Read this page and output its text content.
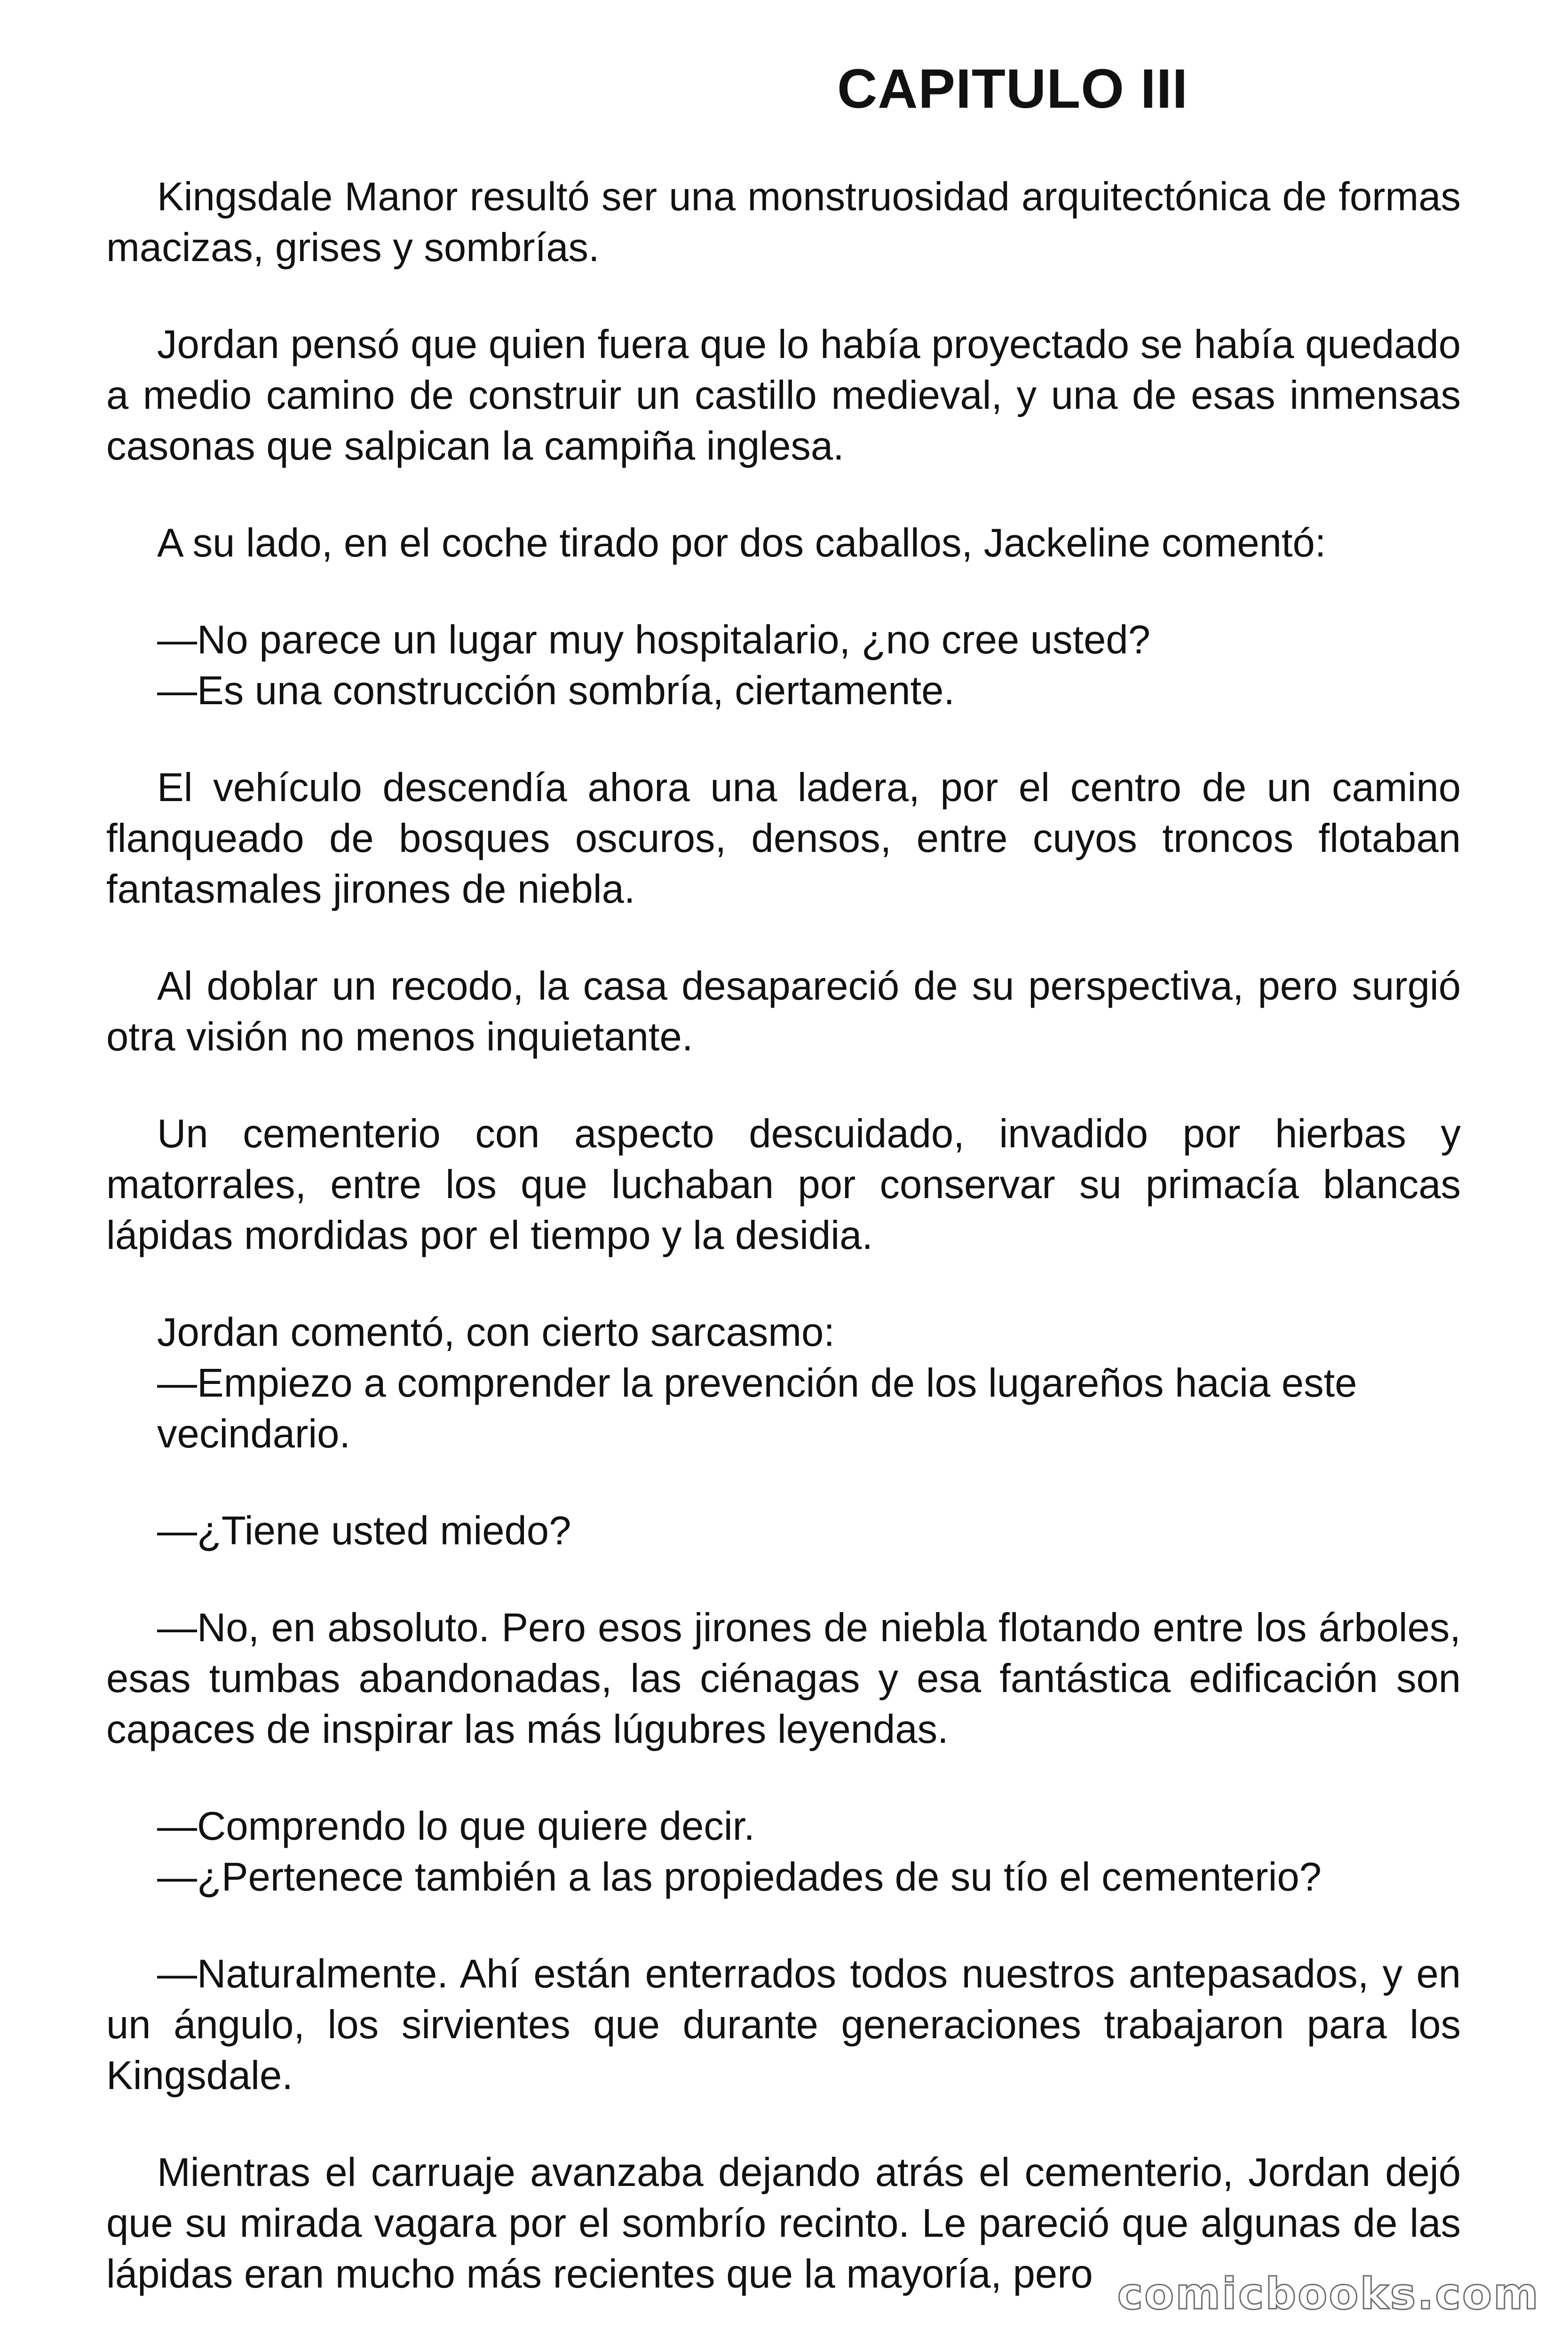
CAPITULO III

Kingsdale Manor resultó ser una monstruosidad arquitectónica de formas macizas, grises y sombrías.

Jordan pensó que quien fuera que lo había proyectado se había quedado a medio camino de construir un castillo medieval, y una de esas inmensas casonas que salpican la campiña inglesa.

A su lado, en el coche tirado por dos caballos, Jackeline comentó:

—No parece un lugar muy hospitalario, ¿no cree usted?

—Es una construcción sombría, ciertamente.

El vehículo descendía ahora una ladera, por el centro de un camino flanqueado de bosques oscuros, densos, entre cuyos troncos flotaban fantasmales jirones de niebla.

Al doblar un recodo, la casa desapareció de su perspectiva, pero surgió otra visión no menos inquietante.

Un cementerio con aspecto descuidado, invadido por hierbas y matorrales, entre los que luchaban por conservar su primacía blancas lápidas mordidas por el tiempo y la desidia.

Jordan comentó, con cierto sarcasmo:

—Empiezo a comprender la prevención de los lugareños hacia este

vecindario.

—¿Tiene usted miedo?

—No, en absoluto. Pero esos jirones de niebla flotando entre los árboles, esas tumbas abandonadas, las ciénagas y esa fantástica edificación son capaces de inspirar las más lúgubres leyendas.

—Comprendo lo que quiere decir.

—¿Pertenece también a las propiedades de su tío el cementerio?

—Naturalmente. Ahí están enterrados todos nuestros antepasados, y en un ángulo, los sirvientes que durante generaciones trabajaron para los Kingsdale.

Mientras el carruaje avanzaba dejando atrás el cementerio, Jordan dejó que su mirada vagara por el sombrío recinto. Le pareció que algunas de las lápidas eran mucho más recientes que la mayoría, pero comicbooks.com
